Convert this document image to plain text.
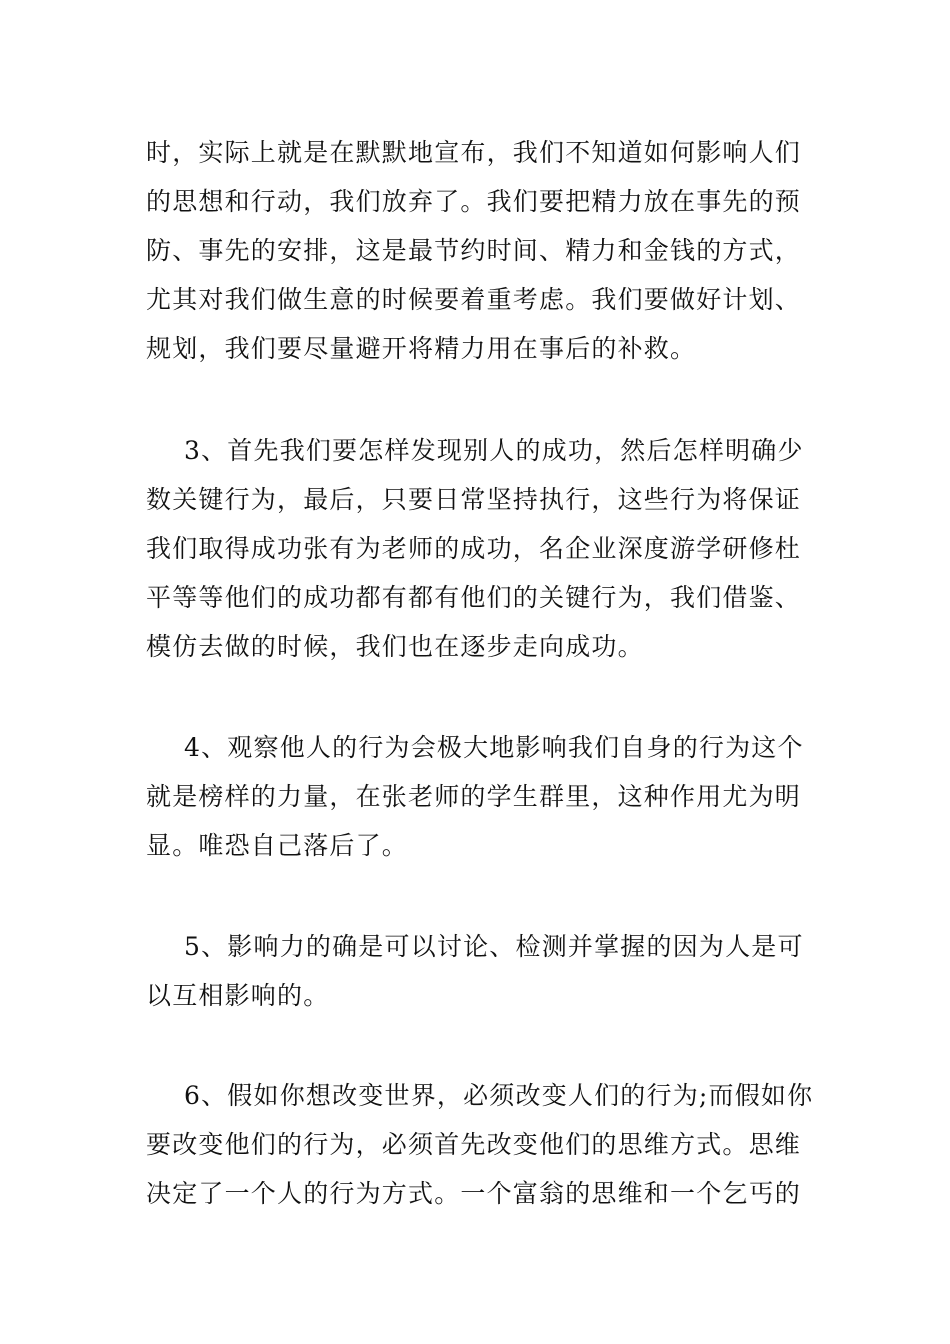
时，实际上就是在默默地宣布，我们不知道如何影响人们
的思想和行动，我们放弃了。我们要把精力放在事先的预
防、事先的安排，这是最节约时间、精力和金钱的方式，
尤其对我们做生意的时候要着重考虑。我们要做好计划、
规划，我们要尽量避开将精力用在事后的补救。
3、首先我们要怎样发现别人的成功，然后怎样明确少
数关键行为，最后，只要日常坚持执行，这些行为将保证
我们取得成功张有为老师的成功，名企业深度游学研修杜
平等等他们的成功都有都有他们的关键行为，我们借鉴、
模仿去做的时候，我们也在逐步走向成功。
4、观察他人的行为会极大地影响我们自身的行为这个
就是榜样的力量，在张老师的学生群里，这种作用尤为明
显。唯恐自己落后了。
5、影响力的确是可以讨论、检测并掌握的因为人是可
以互相影响的。
6、假如你想改变世界，必须改变人们的行为;而假如你
要改变他们的行为，必须首先改变他们的思维方式。思维
决定了一个人的行为方式。一个富翁的思维和一个乞丐的
